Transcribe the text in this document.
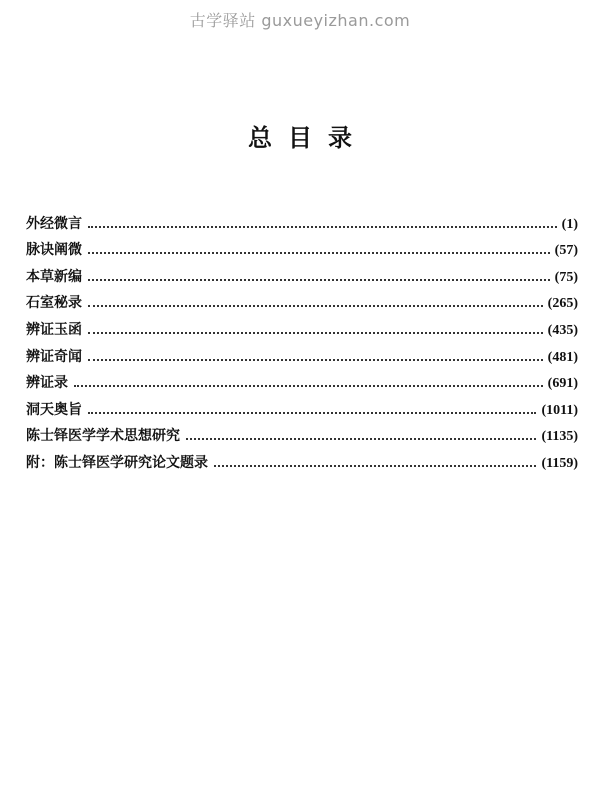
古学驿站 guxueyizhan.com
总目录
外经微言	(1)
脉诀阐微	(57)
本草新编	(75)
石室秘录	(265)
辨证玉函	(435)
辨证奇闻	(481)
辨证录	(691)
洞天奥旨	(1011)
陈士铎医学学术思想研究	(1135)
附：陈士铎医学研究论文题录	(1159)
